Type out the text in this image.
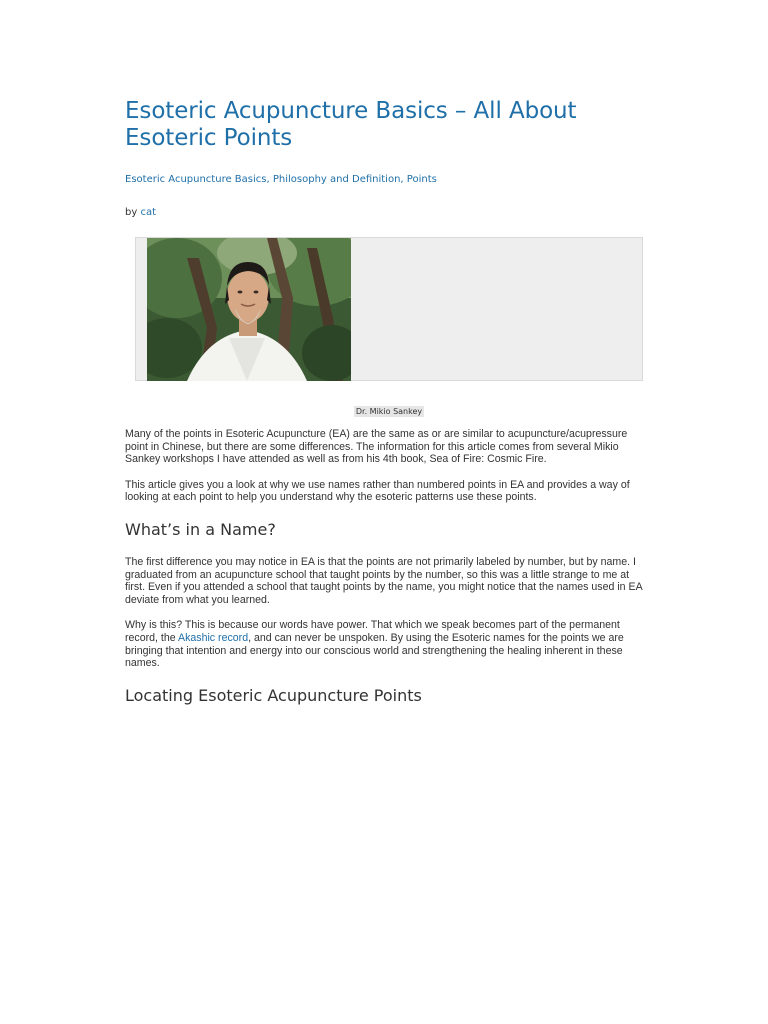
Esoteric Acupuncture Basics – All About Esoteric Points
Esoteric Acupuncture Basics, Philosophy and Definition, Points
by cat
Dr. Mikio Sankey

Many of the points in Esoteric Acupuncture (EA) are the same as or are similar to acupuncture/acupressure point in Chinese, but there are some differences. The information for this article comes from several Mikio Sankey workshops I have attended as well as from his 4th book, Sea of Fire: Cosmic Fire.

This article gives you a look at why we use names rather than numbered points in EA and provides a way of looking at each point to help you understand why the esoteric patterns use these points.

What’s in a Name?

The first difference you may notice in EA is that the points are not primarily labeled by number, but by name. I graduated from an acupuncture school that taught points by the number, so this was a little strange to me at first. Even if you attended a school that taught points by the name, you might notice that the names used in EA deviate from what you learned.

Why is this? This is because our words have power. That which we speak becomes part of the permanent record, the Akashic record, and can never be unspoken. By using the Esoteric names for the points we are bringing that intention and energy into our conscious world and strengthening the healing inherent in these names.

Locating Esoteric Acupuncture Points
